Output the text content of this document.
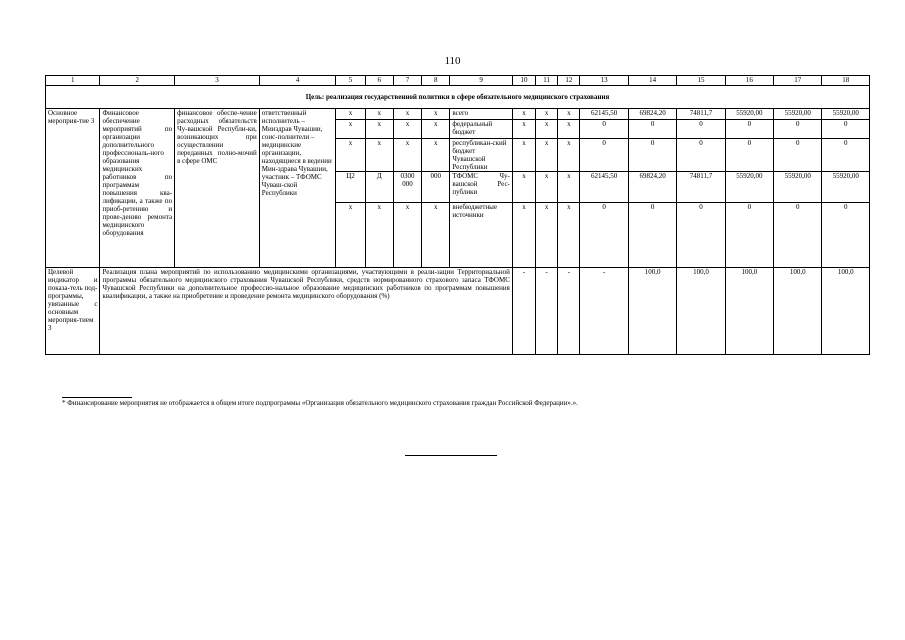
110
1	2	3	4	5	6	7	8	9	10	11	12	13	14	15	16	17	18
Цель: реализация государственной политики в сфере обязательного медицинского страхования																	
Основное мероприя-тие 3	Финансовое обеспечение мероприятий по организации дополнительного профессиональ-ного образования медицинских работников по программам повышения ква-лификации, а также по приоб-ретению и прове-дению ремонта медицинского оборудования	финансовое обеспе-чение расходных обязательств Чу-вашской Республи-ки, возникающих при осуществлении переданных полно-мочий в сфере ОМС	ответственный исполнитель – Минздрав Чувашии, соис-полнители – медицинские организации, находящиеся в ведении Мин-здрава Чувашии, участник – ТФОМС Чуваш-ской Республики	х	х	х	х	всего	х	х	х	62145,50	69824,20	74811,7	55920,00	55920,00	55920,00
				х	х	х	х	федеральный бюджет	х	х	х	0	0	0	0	0	0
				х	х	х	х	республикан-ский бюджет Чувашской Республики	х	х	х	0	0	0	0	0	0
				Ц2	Д	0300 000	000	ТФОМС Чу-вашской Рес-публики	х	х	х	62145,50	69824,20	74811,7	55920,00	55920,00	55920,00
				х	х	х	х	внебюджетные источники	х	х	х	0	0	0	0	0	0
Целевой индикатор и показа-тель под-программы, увязанные с основным мероприя-тием 3	Реализация плана мероприятий по использованию медицинскими организациями, участвующими в реали-зации Территориальной программы обязательного медицинского страхования Чувашской Республики, средств нормированного страхового запаса ТФОМС Чувашской Республики на дополнительное профессио-нальное образование медицинских работников по программам повышения квалификации, а также на приобретение и проведение ремонта медицинского оборудования (%)								-	-	-	-	100,0	100,0	100,0	100,0	100,0
* Финансирование мероприятия не отображается в общем итоге подпрограммы «Организация обязательного медицинского страхования граждан Российской Федерации».».
